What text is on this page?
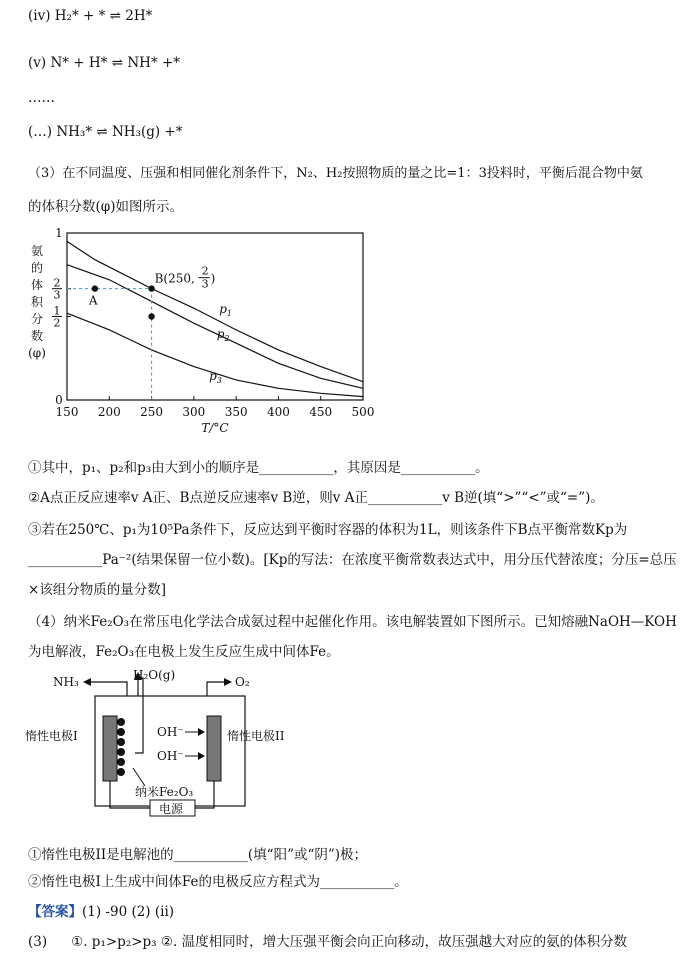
(iv) H₂* + * ⇌ 2H*
(v) N* + H* ⇌ NH* +*
……
(…) NH₃* ⇌ NH₃(g) +*
（3）在不同温度、压强和相同催化剂条件下，N₂、H₂按照物质的量之比=1：3投料时，平衡后混合物中氨
的体积分数(φ)如图所示。
150 200 250 300 350 400 450 500
0
1
2
2
3
1
氨
的
体
积
分
数
(φ)
T/°C
$p_1$
$p_2$
$p_3$
A
B(250,
2
3 )
①其中，p₁、p₂和p₃由大到小的顺序是___________，其原因是___________。
②A点正反应速率v A正、B点逆反应速率v B逆，则v A正___________v B逆(填“>”“<”或“=”)。
③若在250℃、p₁为10⁵Pa条件下，反应达到平衡时容器的体积为1L，则该条件下B点平衡常数Kp为
___________Pa⁻²(结果保留一位小数)。[Kp的写法：在浓度平衡常数表达式中，用分压代替浓度；分压=总压
×该组分物质的量分数]
（4）纳米Fe₂O₃在常压电化学法合成氨过程中起催化作用。该电解装置如下图所示。已知熔融NaOH—KOH
为电解液，Fe₂O₃在电极上发生反应生成中间体Fe。
NH₃
H₂O(g)
O₂
惰性电极I	惰性电极II
OH⁻
OH⁻
纳米Fe₂O₃
电源
①惰性电极II是电解池的___________(填“阳”或“阴”)极；
②惰性电极I上生成中间体Fe的电极反应方程式为___________。
【答案】(1) -90 (2) (ii)
(3) ①. p₁>p₂>p₃ ②. 温度相同时，增大压强平衡会向正向移动，故压强越大对应的氨的体积分数
